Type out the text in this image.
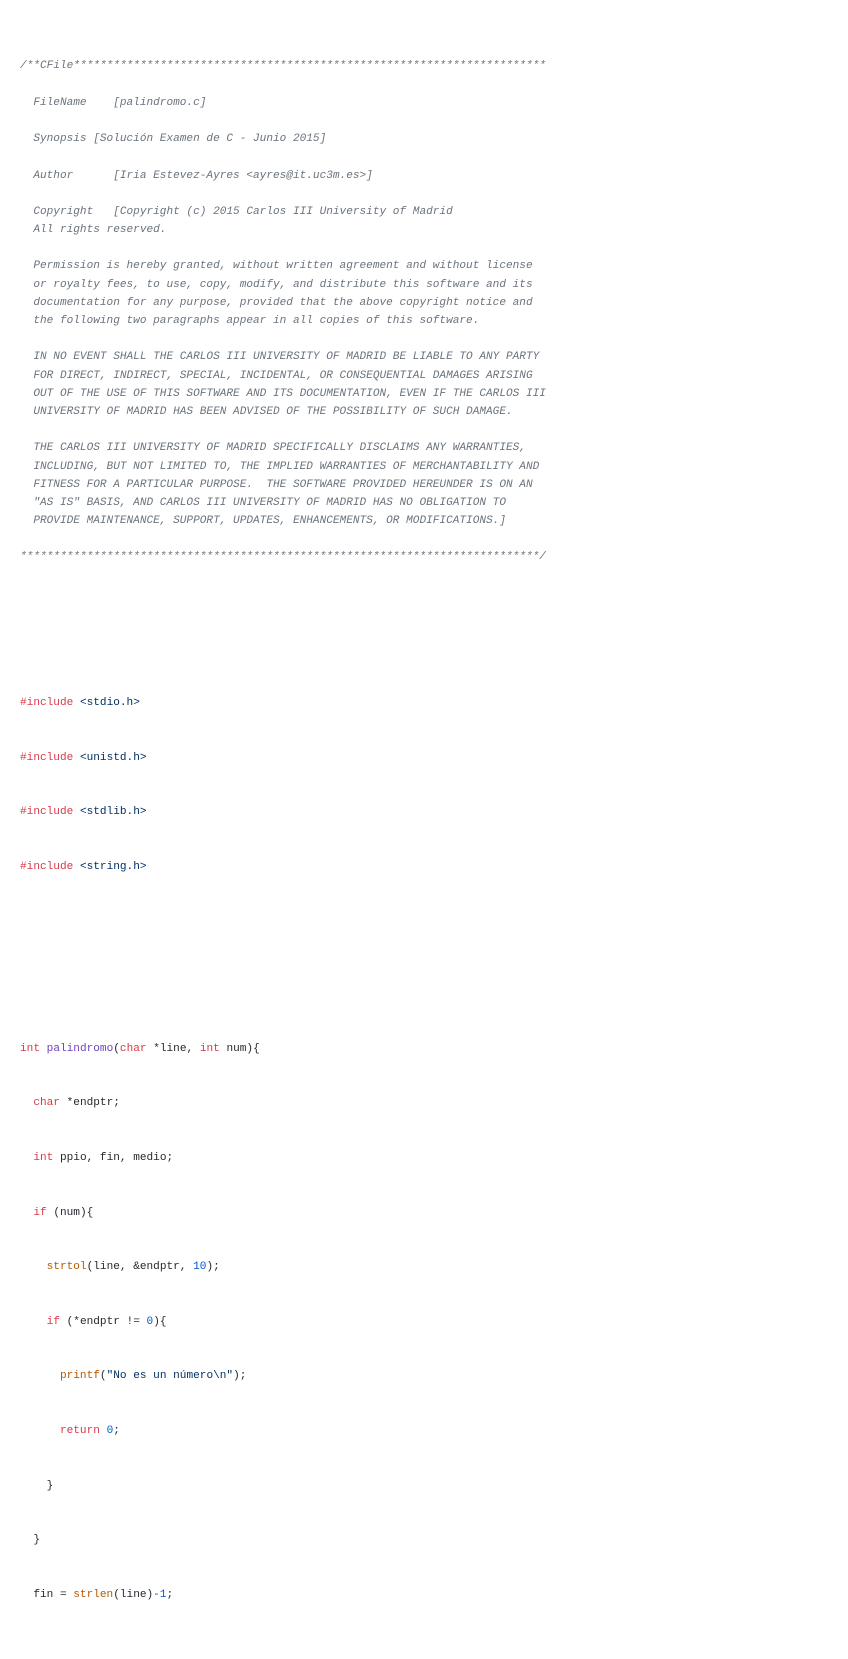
/**CFile***********************************************************************
FileName    [palindromo.c]
Synopsis [Solución Examen de C - Junio 2015]
Author      [Iria Estevez-Ayres <ayres@it.uc3m.es>]
Copyright   [Copyright (c) 2015 Carlos III University of Madrid
All rights reserved.
Permission is hereby granted, without written agreement and without license
or royalty fees, to use, copy, modify, and distribute this software and its
documentation for any purpose, provided that the above copyright notice and
the following two paragraphs appear in all copies of this software.
IN NO EVENT SHALL THE CARLOS III UNIVERSITY OF MADRID BE LIABLE TO ANY PARTY
FOR DIRECT, INDIRECT, SPECIAL, INCIDENTAL, OR CONSEQUENTIAL DAMAGES ARISING
OUT OF THE USE OF THIS SOFTWARE AND ITS DOCUMENTATION, EVEN IF THE CARLOS III
UNIVERSITY OF MADRID HAS BEEN ADVISED OF THE POSSIBILITY OF SUCH DAMAGE.
THE CARLOS III UNIVERSITY OF MADRID SPECIFICALLY DISCLAIMS ANY WARRANTIES,
INCLUDING, BUT NOT LIMITED TO, THE IMPLIED WARRANTIES OF MERCHANTABILITY AND
FITNESS FOR A PARTICULAR PURPOSE.  THE SOFTWARE PROVIDED HEREUNDER IS ON AN
"AS IS" BASIS, AND CARLOS III UNIVERSITY OF MADRID HAS NO OBLIGATION TO
PROVIDE MAINTENANCE, SUPPORT, UPDATES, ENHANCEMENTS, OR MODIFICATIONS.]
******************************************************************************/

#include <stdio.h>

#include <unistd.h>

#include <stdlib.h>

#include <string.h>

int palindromo(char *line, int num){

char *endptr;

int ppio, fin, medio;

if (num){

strtol(line, &endptr, 10);

if (*endptr != 0){

printf("No es un número\n");

return 0;

}

}

fin = strlen(line)-1;
